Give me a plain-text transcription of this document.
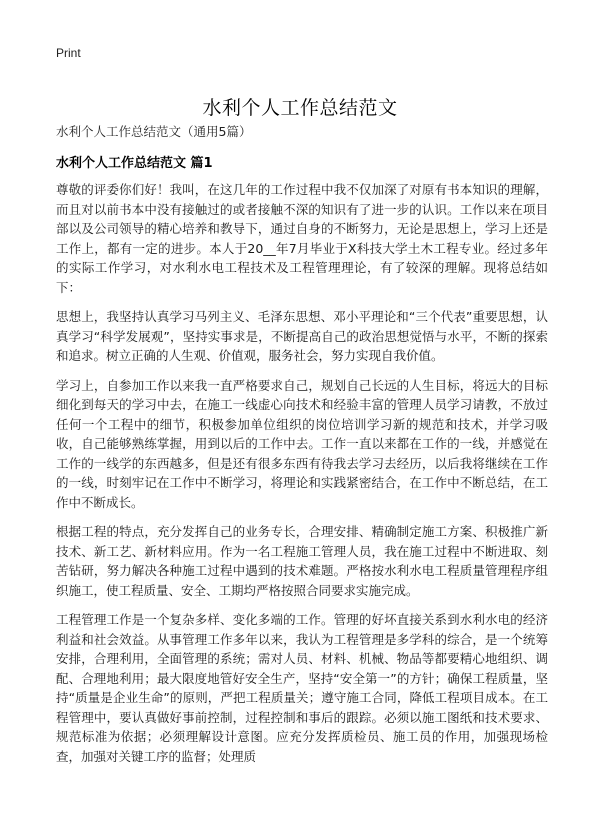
Print
水利个人工作总结范文
水利个人工作总结范文（通用5篇）
水利个人工作总结范文 篇1

尊敬的评委你们好！我叫，在这几年的工作过程中我不仅加深了对原有书本知识的理解，而且对以前书本中没有接触过的或者接触不深的知识有了进一步的认识。工作以来在项目部以及公司领导的精心培养和教导下，通过自身的不断努力，无论是思想上，学习上还是工作上，都有一定的进步。本人于20__年7月毕业于X科技大学土木工程专业。经过多年的实际工作学习，对水利水电工程技术及工程管理理论，有了较深的理解。现将总结如下：

思想上，我坚持认真学习马列主义、毛泽东思想、邓小平理论和“三个代表”重要思想，认真学习“科学发展观”，坚持实事求是，不断提高自己的政治思想觉悟与水平，不断的探索和追求。树立正确的人生观、价值观，服务社会，努力实现自我价值。

学习上，自参加工作以来我一直严格要求自己，规划自己长远的人生目标，将远大的目标细化到每天的学习中去，在施工一线虚心向技术和经验丰富的管理人员学习请教，不放过任何一个工程中的细节，积极参加单位组织的岗位培训学习新的规范和技术，并学习吸收，自己能够熟练掌握，用到以后的工作中去。工作一直以来都在工作的一线，并感觉在工作的一线学的东西越多，但是还有很多东西有待我去学习去经历，以后我将继续在工作的一线，时刻牢记在工作中不断学习，将理论和实践紧密结合，在工作中不断总结，在工作中不断成长。

根据工程的特点，充分发挥自己的业务专长，合理安排、精确制定施工方案、积极推广新技术、新工艺、新材料应用。作为一名工程施工管理人员，我在施工过程中不断进取、刻苦钻研，努力解决各种施工过程中遇到的技术难题。严格按水利水电工程质量管理程序组织施工，使工程质量、安全、工期均严格按照合同要求实施完成。

工程管理工作是一个复杂多样、变化多端的工作。管理的好坏直接关系到水利水电的经济利益和社会效益。从事管理工作多年以来，我认为工程管理是多学科的综合，是一个统筹安排，合理利用，全面管理的系统；需对人员、材料、机械、物品等都要精心地组织、调配、合理地利用；最大限度地管好安全生产，坚持“安全第一”的方针；确保工程质量，坚持“质量是企业生命”的原则，严把工程质量关；遵守施工合同，降低工程项目成本。在工程管理中，要认真做好事前控制，过程控制和事后的跟踪。必须以施工图纸和技术要求、规范标准为依据；必须理解设计意图。应充分发挥质检员、施工员的作用，加强现场检查，加强对关键工序的监督；处理质
